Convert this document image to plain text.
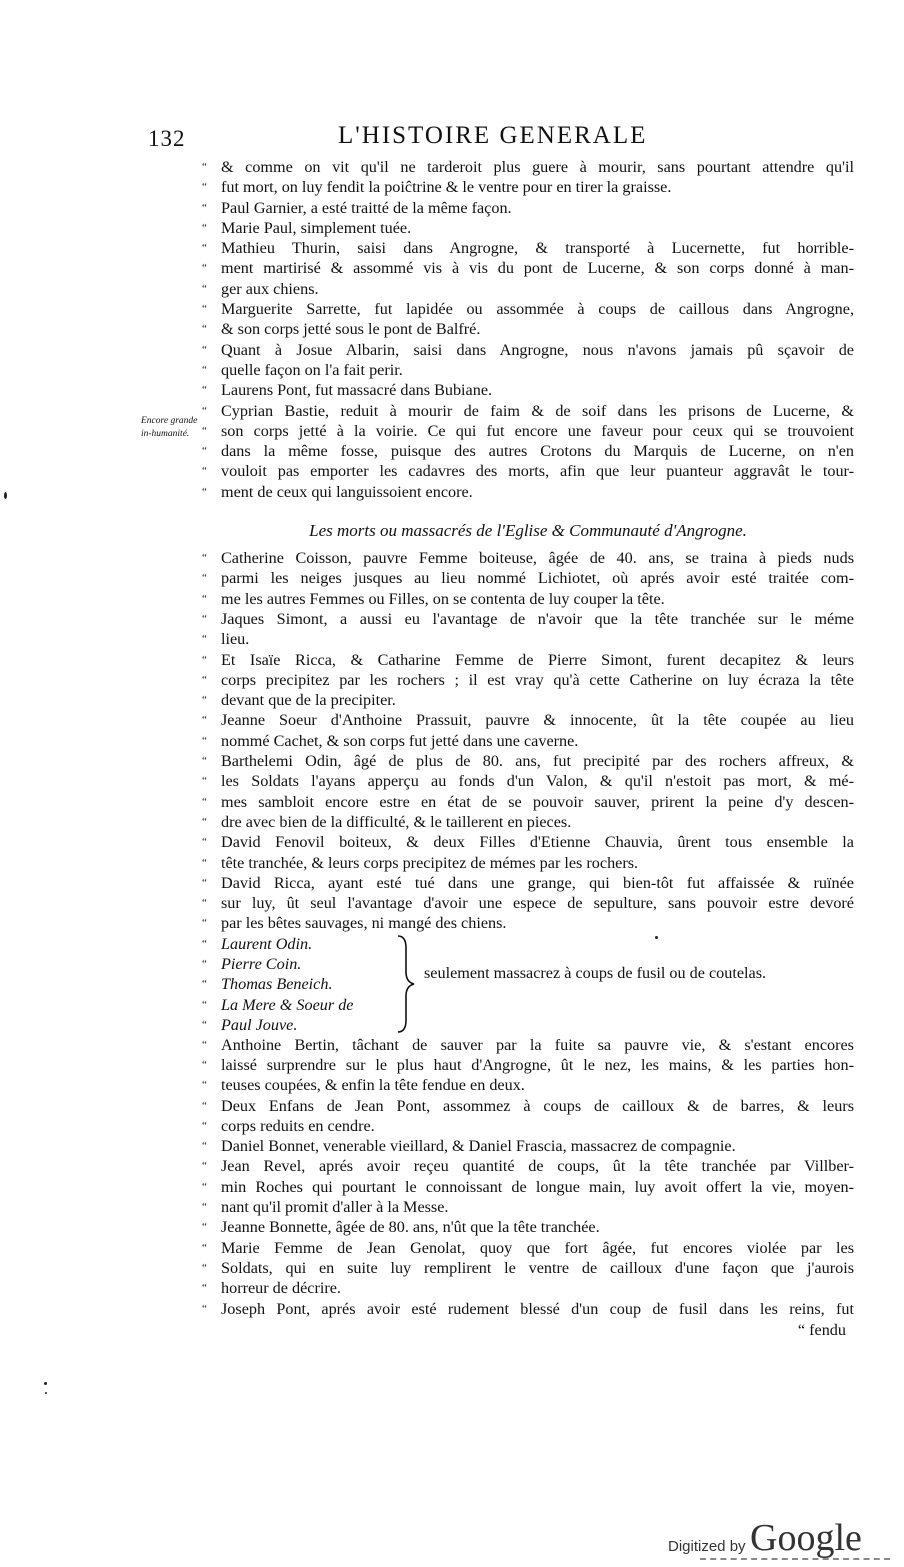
132	L'HISTOIRE GENERALE
Encore grande in-humanité.
“ & comme on vit qu'il ne tarderoit plus guere à mourir, sans pourtant attendre qu'il
“ fut mort, on luy fendit la poiĉtrine & le ventre pour en tirer la graisse.
“ Paul Garnier, a esté traitté de la même façon.
“ Marie Paul, simplement tuée.
“ Mathieu Thurin, saisi dans Angrogne, & transporté à Lucernette, fut horrible-
“ ment martirisé & assommé vis à vis du pont de Lucerne, & son corps donné à man-
“ ger aux chiens.
“ Marguerite Sarrette, fut lapidée ou assommée à coups de caillous dans Angrogne,
“ & son corps jetté sous le pont de Balfré.
“ Quant à Josue Albarin, saisi dans Angrogne, nous n'avons jamais pû sçavoir de
“ quelle façon on l'a fait perir.
“ Laurens Pont, fut massacré dans Bubiane.
“ Cyprian Bastie, reduit à mourir de faim & de soif dans les prisons de Lucerne, &
“ son corps jetté à la voirie. Ce qui fut encore une faveur pour ceux qui se trouvoient
“ dans la même fosse, puisque des autres Crotons du Marquis de Lucerne, on n'en
“ vouloit pas emporter les cadavres des morts, afin que leur puanteur aggravât le tour-
“ ment de ceux qui languissoient encore.
Les morts ou massacrés de l'Eglise & Communauté d'Angrogne.
“ Catherine Coisson, pauvre Femme boiteuse, âgée de 40. ans, se traina à pieds nuds
“ parmi les neiges jusques au lieu nommé Lichiotet, où aprés avoir esté traitée com-
“ me les autres Femmes ou Filles, on se contenta de luy couper la tête.
“ Jaques Simont, a aussi eu l'avantage de n'avoir que la tête tranchée sur le méme
“ lieu.
“ Et Isaïe Ricca, & Catharine Femme de Pierre Simont, furent decapitez & leurs
“ corps precipitez par les rochers ; il est vray qu'à cette Catherine on luy écraza la tête
“ devant que de la precipiter.
“ Jeanne Soeur d'Anthoine Prassuit, pauvre & innocente, ût la tête coupée au lieu
“ nommé Cachet, & son corps fut jetté dans une caverne.
“ Barthelemi Odin, âgé de plus de 80. ans, fut precipité par des rochers affreux, &
“ les Soldats l'ayans apperçu au fonds d'un Valon, & qu'il n'estoit pas mort, & mé-
“ mes sambloit encore estre en état de se pouvoir sauver, prirent la peine d'y descen-
“ dre avec bien de la difficulté, & le taillerent en pieces.
“ David Fenovil boiteux, & deux Filles d'Etienne Chauvia, ûrent tous ensemble la
“ tête tranchée, & leurs corps precipitez de mémes par les rochers.
“ David Ricca, ayant esté tué dans une grange, qui bien-tôt fut affaissée & ruïnée
“ sur luy, ût seul l'avantage d'avoir une espece de sepulture, sans pouvoir estre devoré
“ par les bêtes sauvages, ni mangé des chiens.
“ Laurent Odin.
“ Pierre Coin.
“ Thomas Beneich.
“ La Mere & Soeur de
“ Paul Jouve.
seulement massacrez à coups de fusil ou de coutelas.
“ Anthoine Bertin, tâchant de sauver par la fuite sa pauvre vie, & s'estant encores
“ laissé surprendre sur le plus haut d'Angrogne, ût le nez, les mains, & les parties hon-
“ teuses coupées, & enfin la tête fendue en deux.
“ Deux Enfans de Jean Pont, assommez à coups de cailloux & de barres, & leurs
“ corps reduits en cendre.
“ Daniel Bonnet, venerable vieillard, & Daniel Frascia, massacrez de compagnie.
“ Jean Revel, aprés avoir reçeu quantité de coups, ût la tête tranchée par Villber-
“ min Roches qui pourtant le connoissant de longue main, luy avoit offert la vie, moyen-
“ nant qu'il promit d'aller à la Messe.
“ Jeanne Bonnette, âgée de 80. ans, n'ût que la tête tranchée.
“ Marie Femme de Jean Genolat, quoy que fort âgée, fut encores violée par les
“ Soldats, qui en suite luy remplirent le ventre de cailloux d'une façon que j'aurois
“ horreur de décrire.
“ Joseph Pont, aprés avoir esté rudement blessé d'un coup de fusil dans les reins, fut
“ fendu
Digitized by Google
